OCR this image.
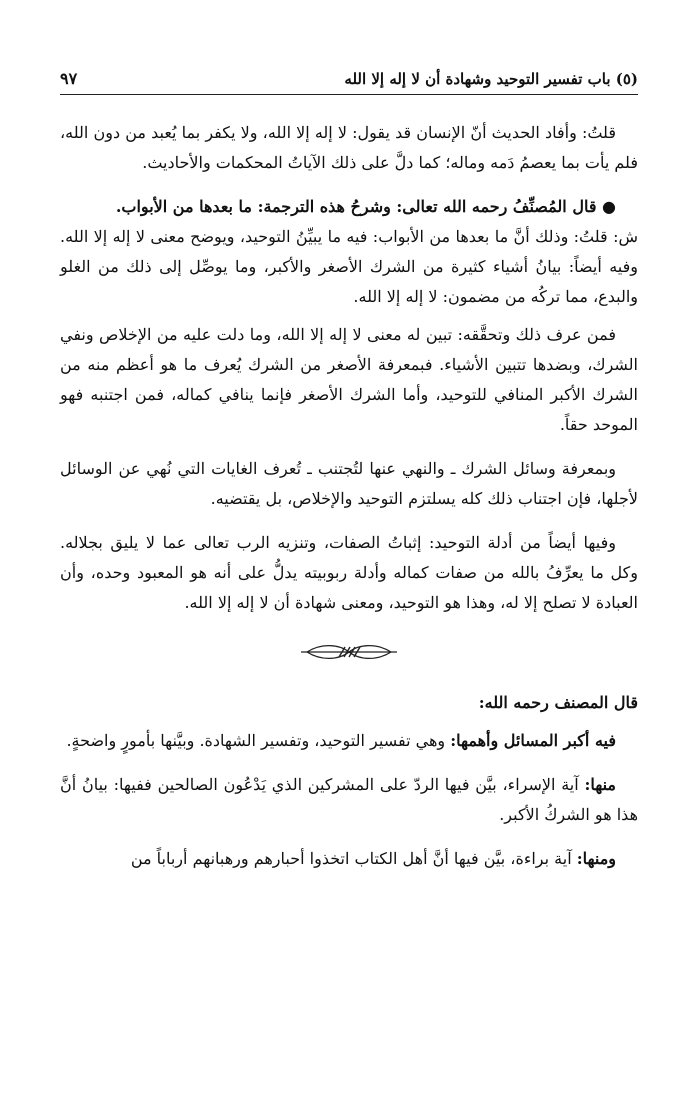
(٥) باب تفسير التوحيد وشهادة أن لا إله إلا الله
٩٧

قلتُ: وأفاد الحديث أنّ الإنسان قد يقول: لا إله إلا الله، ولا يكفر بما يُعبد من دون الله، فلم يأت بما يعصمُ دَمه وماله؛ كما دلَّ على ذلك الآياتُ المحكمات والأحاديث.

● قال المُصنِّفُ رحمه الله تعالى: وشرحُ هذه الترجمة: ما بعدها من الأبواب.

ش: قلتُ: وذلك أنَّ ما بعدها من الأبواب: فيه ما يبيِّنُ التوحيد، ويوضح معنى لا إله إلا الله. وفيه أيضاً: بيانُ أشياء كثيرة من الشرك الأصغر والأكبر، وما يوصِّل إلى ذلك من الغلو والبدع، مما تركُه من مضمون: لا إله إلا الله.

فمن عرف ذلك وتحقَّقه: تبين له معنى لا إله إلا الله، وما دلت عليه من الإخلاص ونفي الشرك، وبضدها تتبين الأشياء. فبمعرفة الأصغر من الشرك يُعرف ما هو أعظم منه من الشرك الأكبر المنافي للتوحيد، وأما الشرك الأصغر فإنما ينافي كماله، فمن اجتنبه فهو الموحد حقاً.

وبمعرفة وسائل الشرك ـ والنهي عنها لتُجتنب ـ تُعرف الغايات التي نُهي عن الوسائل لأجلها، فإن اجتناب ذلك كله يسلتزم التوحيد والإخلاص، بل يقتضيه.

وفيها أيضاً من أدلة التوحيد: إثباتُ الصفات، وتنزيه الرب تعالى عما لا يليق بجلاله. وكل ما يعرِّفُ بالله من صفات كماله وأدلة ربوبيته يدلُّ على أنه هو المعبود وحده، وأن العبادة لا تصلح إلا له، وهذا هو التوحيد، ومعنى شهادة أن لا إله إلا الله.

قال المصنف رحمه الله:

فيه أكبر المسائل وأهمها: وهي تفسير التوحيد، وتفسير الشهادة. وبيَّنها بأمورٍ واضحةٍ.

منها: آية الإسراء، بيَّن فيها الردّ على المشركين الذي يَدْعُون الصالحين ففيها: بيانُ أنَّ هذا هو الشركُ الأكبر.

ومنها: آية براءة، بيَّن فيها أنَّ أهل الكتاب اتخذوا أحبارهم ورهبانهم أرباباً من
